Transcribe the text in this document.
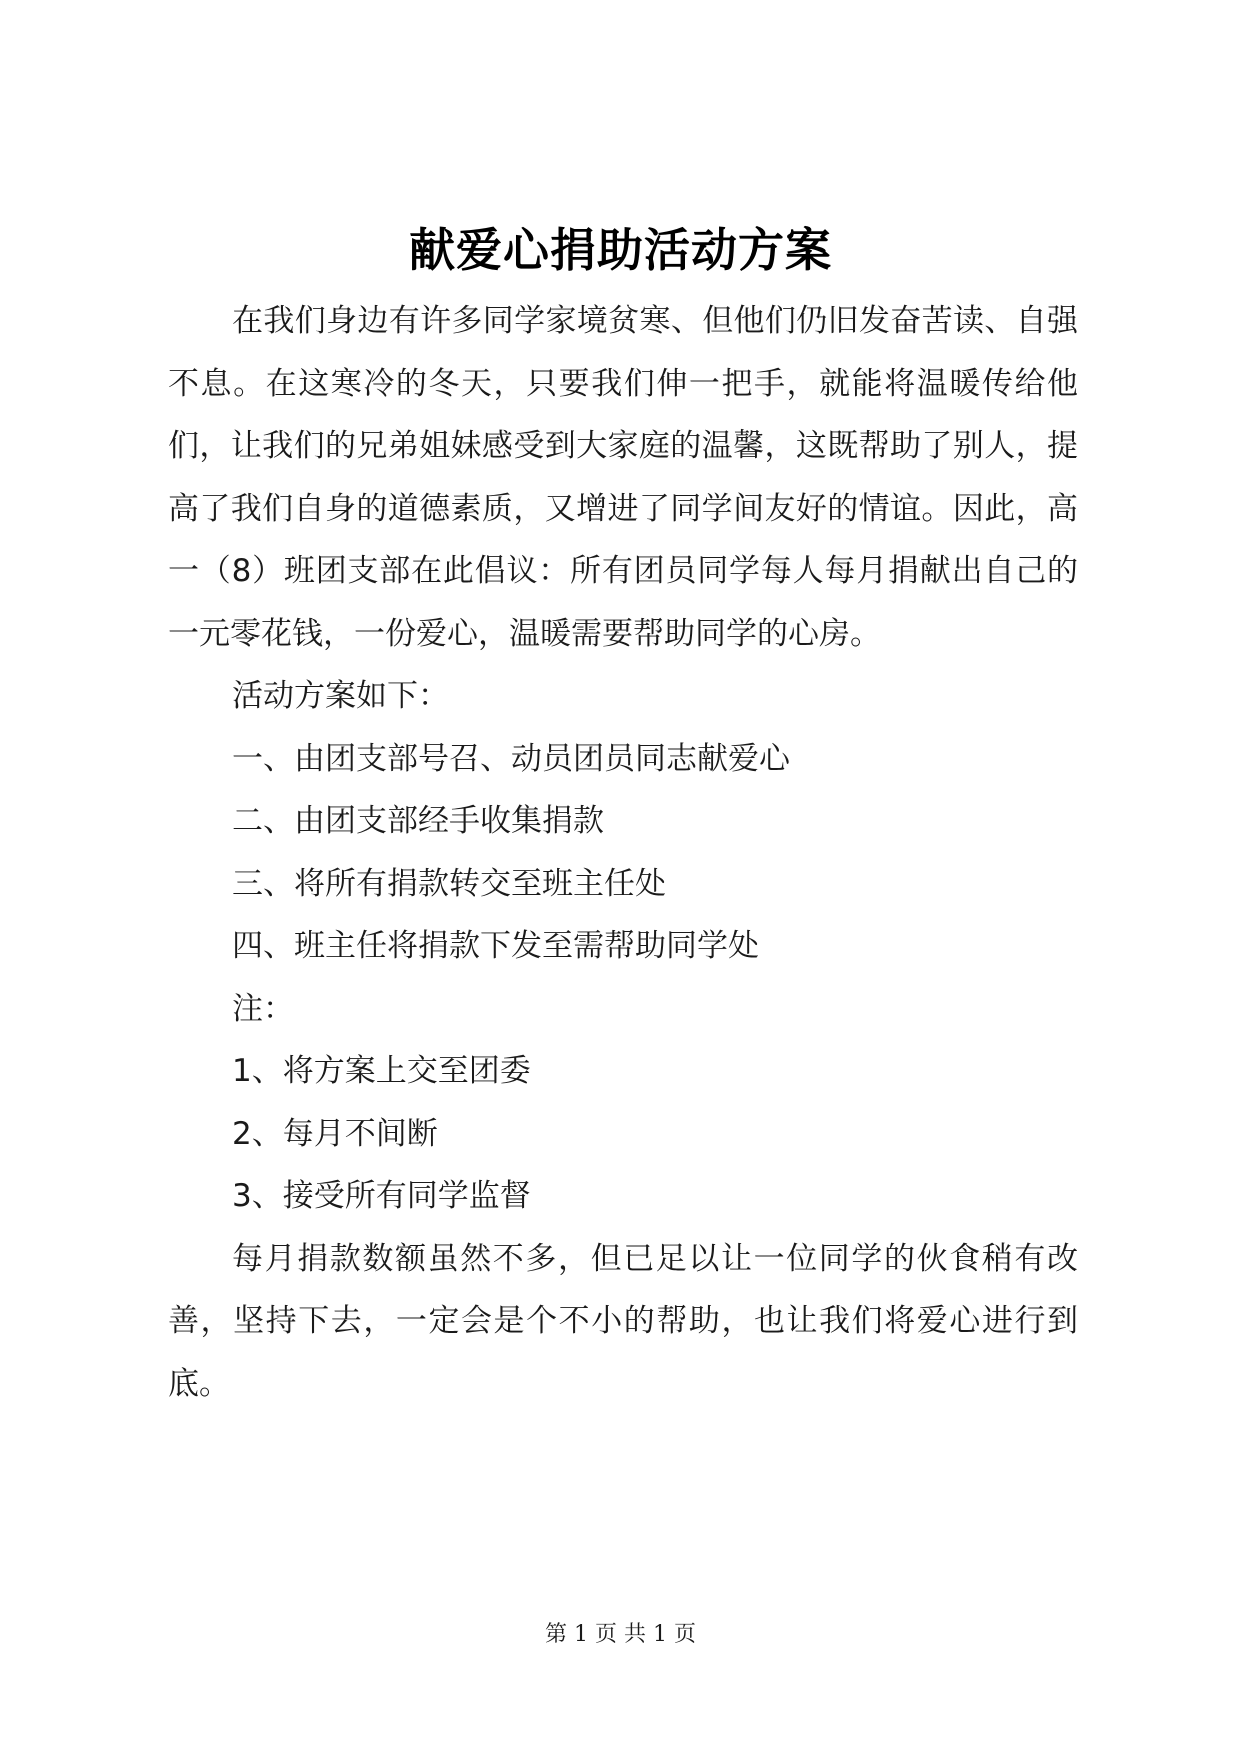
献爱心捐助活动方案

在我们身边有许多同学家境贫寒、但他们仍旧发奋苦读、自强不息。在这寒冷的冬天，只要我们伸一把手，就能将温暖传给他们，让我们的兄弟姐妹感受到大家庭的温馨，这既帮助了别人，提高了我们自身的道德素质，又增进了同学间友好的情谊。因此，高一（8）班团支部在此倡议：所有团员同学每人每月捐献出自己的一元零花钱，一份爱心，温暖需要帮助同学的心房。

活动方案如下：

一、由团支部号召、动员团员同志献爱心

二、由团支部经手收集捐款

三、将所有捐款转交至班主任处

四、班主任将捐款下发至需帮助同学处

注：

1、将方案上交至团委

2、每月不间断

3、接受所有同学监督

每月捐款数额虽然不多，但已足以让一位同学的伙食稍有改善，坚持下去，一定会是个不小的帮助，也让我们将爱心进行到底。

第 1 页 共 1 页
